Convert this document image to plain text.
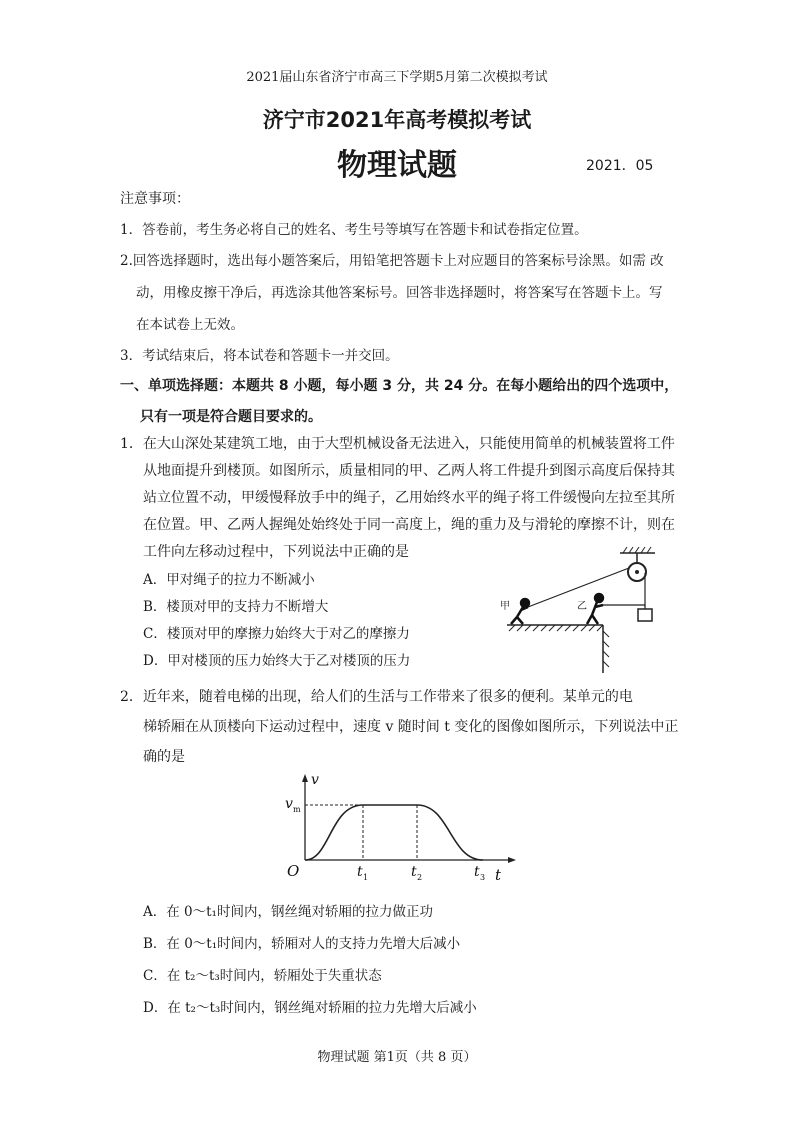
2021届山东省济宁市高三下学期5月第二次模拟考试
济宁市2021年高考模拟考试
物理试题	2021．05
注意事项：
1．答卷前，考生务必将自己的姓名、考生号等填写在答题卡和试卷指定位置。
2.回答选择题时，选出每小题答案后，用铅笔把答题卡上对应题目的答案标号涂黑。如需 改
动，用橡皮擦干净后，再选涂其他答案标号。回答非选择题时，将答案写在答题卡上。写
在本试卷上无效。
3．考试结束后，将本试卷和答题卡一并交回。
一、单项选择题：本题共 8 小题，每小题 3 分，共 24 分。在每小题给出的四个选项中，
只有一项是符合题目要求的。
1．在大山深处某建筑工地，由于大型机械设备无法进入，只能使用简单的机械装置将工件
从地面提升到楼顶。如图所示，质量相同的甲、乙两人将工件提升到图示高度后保持其
站立位置不动，甲缓慢释放手中的绳子，乙用始终水平的绳子将工件缓慢向左拉至其所
在位置。甲、乙两人握绳处始终处于同一高度上，绳的重力及与滑轮的摩擦不计，则在
工件向左移动过程中，下列说法中正确的是
A．甲对绳子的拉力不断减小
B．楼顶对甲的支持力不断增大
C．楼顶对甲的摩擦力始终大于对乙的摩擦力
D．甲对楼顶的压力始终大于乙对楼顶的压力
甲	乙
2．近年来，随着电梯的出现，给人们的生活与工作带来了很多的便利。某单元的电
梯轿厢在从顶楼向下运动过程中，速度 v 随时间 t 变化的图像如图所示，下列说法中正
确的是
v
t
O
v m
t 1	t 2	t 3
A．在 0～t₁时间内，钢丝绳对轿厢的拉力做正功
B．在 0～t₁时间内，轿厢对人的支持力先增大后减小
C．在 t₂～t₃时间内，轿厢处于失重状态
D．在 t₂～t₃时间内，钢丝绳对轿厢的拉力先增大后减小
物理试题 第1页（共 8 页）
